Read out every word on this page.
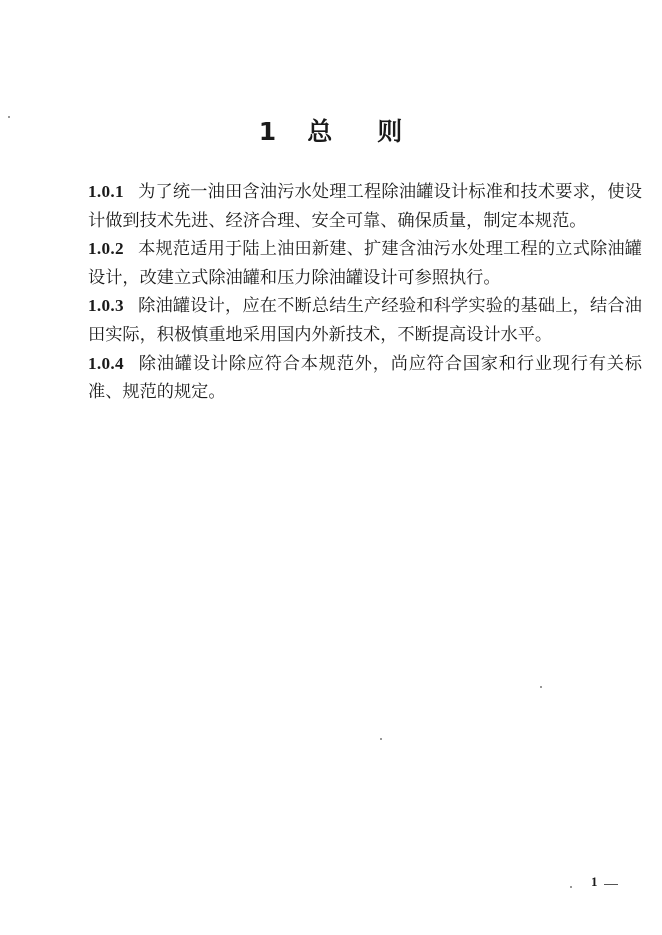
1 总 则

1.0.1 为了统一油田含油污水处理工程除油罐设计标准和技术要求，使设计做到技术先进、经济合理、安全可靠、确保质量，制定本规范。

1.0.2 本规范适用于陆上油田新建、扩建含油污水处理工程的立式除油罐设计，改建立式除油罐和压力除油罐设计可参照执行。

1.0.3 除油罐设计，应在不断总结生产经验和科学实验的基础上，结合油田实际，积极慎重地采用国内外新技术，不断提高设计水平。

1.0.4 除油罐设计除应符合本规范外，尚应符合国家和行业现行有关标准、规范的规定。

1
